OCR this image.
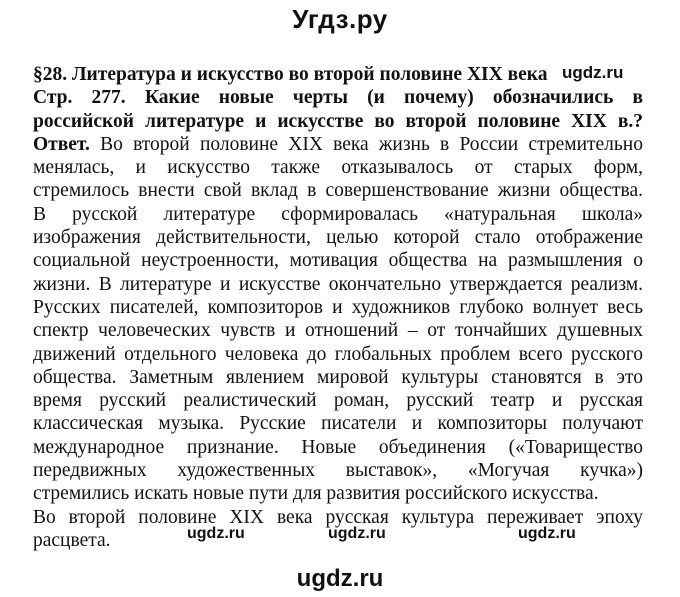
Угдз.ру
§28. Литература и искусство во второй половине XIX века
Стр. 277. Какие новые черты (и почему) обозначились в
российской литературе и искусстве во второй половине XIX в.?
Ответ. Во второй половине XIX века жизнь в России стремительно
менялась, и искусство также отказывалось от старых форм,
стремилось внести свой вклад в совершенствование жизни общества.
В русской литературе сформировалась «натуральная школа»
изображения действительности, целью которой стало отображение
социальной неустроенности, мотивация общества на размышления о
жизни. В литературе и искусстве окончательно утверждается реализм.
Русских писателей, композиторов и художников глубоко волнует весь
спектр человеческих чувств и отношений – от тончайших душевных
движений отдельного человека до глобальных проблем всего русского
общества. Заметным явлением мировой культуры становятся в это
время русский реалистический роман, русский театр и русская
классическая музыка. Русские писатели и композиторы получают
международное признание. Новые объединения («Товарищество
передвижных художественных выставок», «Могучая кучка»)
стремились искать новые пути для развития российского искусства.
Во второй половине XIX века русская культура переживает эпоху
расцвета.
ugdz.ru
ugdz.ru	ugdz.ru	ugdz.ru
ugdz.ru
